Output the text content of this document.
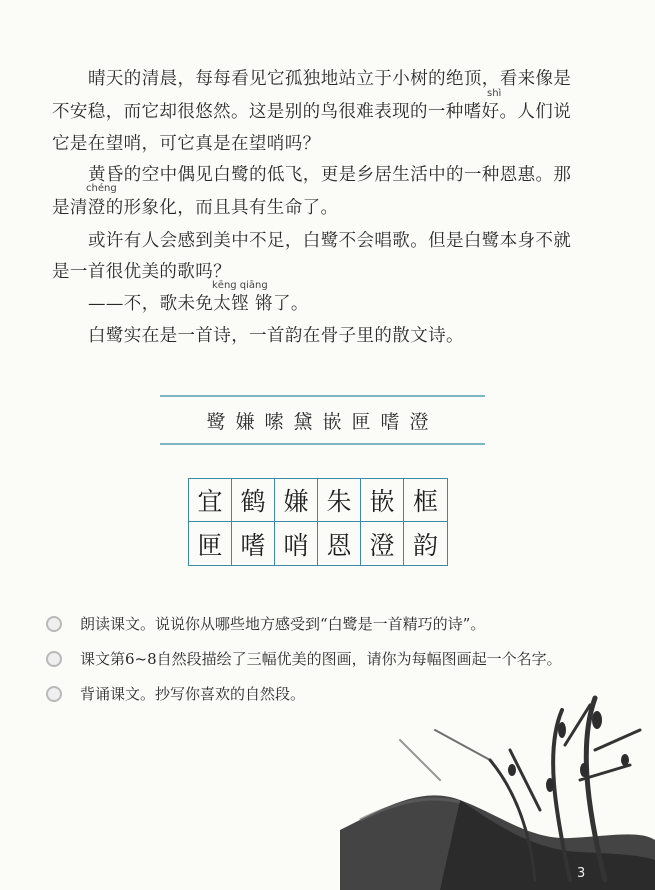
晴天的清晨，每每看见它孤独地站立于小树的绝顶，看来像是
shì
不安稳，而它却很悠然。这是别的鸟很难表现的一种嗜好。人们说
它是在望哨，可它真是在望哨吗？
黄昏的空中偶见白鹭的低飞，更是乡居生活中的一种恩惠。那
chéng
是清澄的形象化，而且具有生命了。
或许有人会感到美中不足，白鹭不会唱歌。但是白鹭本身不就
是一首很优美的歌吗？
kēng qiāng
——不，歌未免太铿 锵了。
白鹭实在是一首诗，一首韵在骨子里的散文诗。
鹭嫌嗦黛嵌匣嗜澄
宜 鹤 嫌 朱 嵌 框
匣 嗜 哨 恩 澄 韵
朗读课文。说说你从哪些地方感受到“白鹭是一首精巧的诗”。
课文第6~8自然段描绘了三幅优美的图画，请你为每幅图画起一个名字。
背诵课文。抄写你喜欢的自然段。
3
